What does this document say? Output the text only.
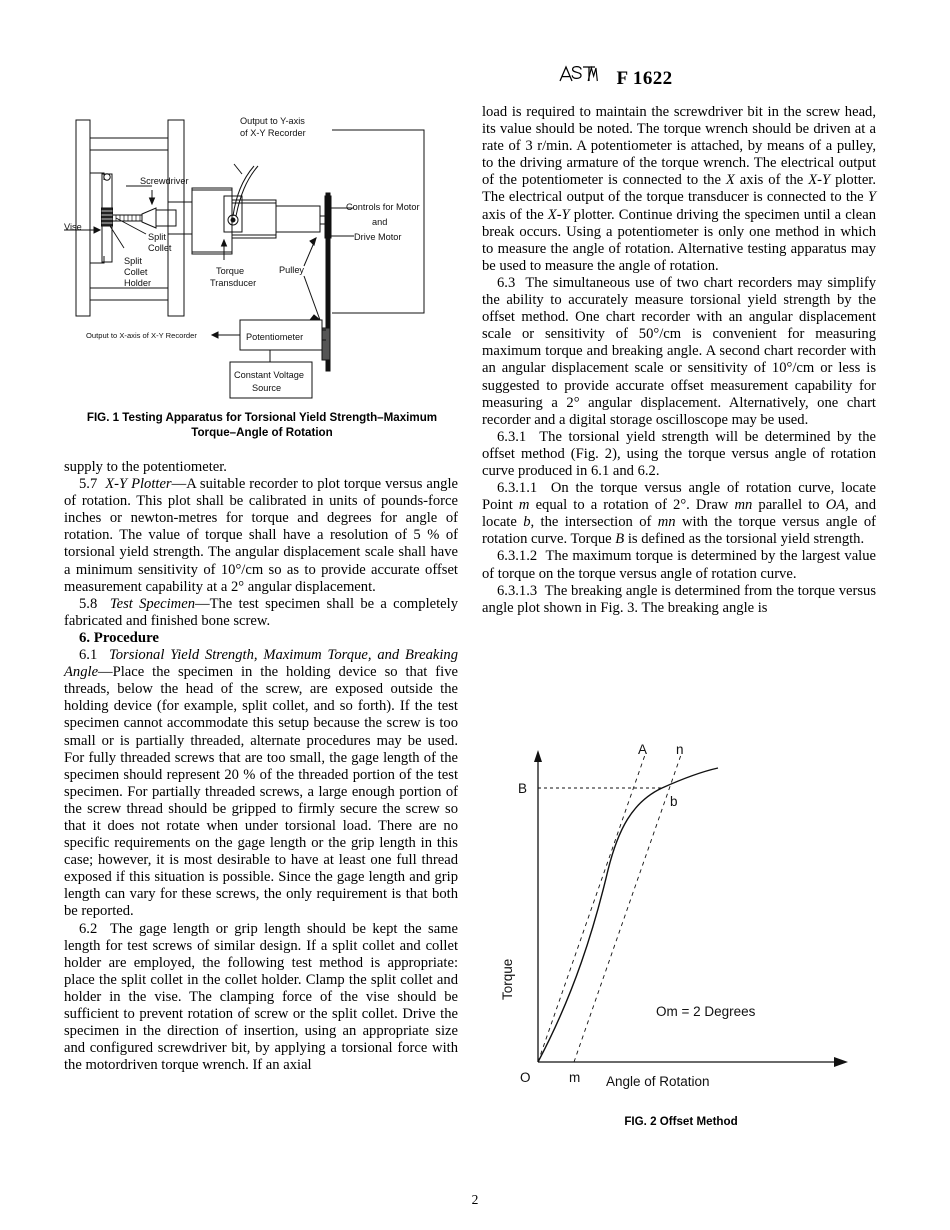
F 1622
Output to Y-axis
of X-Y Recorder
Screwdriver
Vise
Split
Collet
Split
Collet
Holder
Torque
Transducer
Pulley
Controls for Motor
and
Drive Motor
Output to X-axis of X-Y Recorder	Potentiometer
Constant Voltage
Source
FIG. 1 Testing Apparatus for Torsional Yield Strength–Maximum
Torque–Angle of Rotation

supply to the potentiometer.

5.7 X-Y Plotter—A suitable recorder to plot torque versus angle of rotation. This plot shall be calibrated in units of pounds-force inches or newton-metres for torque and degrees for angle of rotation. The value of torque shall have a resolution of 5 % of torsional yield strength. The angular displacement scale shall have a minimum sensitivity of 10°/cm so as to provide accurate offset measurement capability at a 2° angular displacement.

5.8 Test Specimen—The test specimen shall be a completely fabricated and finished bone screw.

6. Procedure

6.1 Torsional Yield Strength, Maximum Torque, and Breaking Angle—Place the specimen in the holding device so that five threads, below the head of the screw, are exposed outside the holding device (for example, split collet, and so forth). If the test specimen cannot accommodate this setup because the screw is too small or is partially threaded, alternate procedures may be used. For fully threaded screws that are too small, the gage length of the specimen should represent 20 % of the threaded portion of the test specimen. For partially threaded screws, a large enough portion of the screw thread should be gripped to firmly secure the screw so that it does not rotate when under torsional load. There are no specific requirements on the gage length or the grip length in this case; however, it is most desirable to have at least one full thread exposed if this situation is possible. Since the gage length and grip length can vary for these screws, the only requirement is that both be reported.

6.2 The gage length or grip length should be kept the same length for test screws of similar design. If a split collet and collet holder are employed, the following test method is appropriate: place the split collet in the collet holder. Clamp the split collet and holder in the vise. The clamping force of the vise should be sufficient to prevent rotation of screw or the split collet. Drive the specimen in the direction of insertion, using an appropriate size and configured screwdriver bit, by applying a torsional force with the motordriven torque wrench. If an axial

load is required to maintain the screwdriver bit in the screw head, its value should be noted. The torque wrench should be driven at a rate of 3 r/min. A potentiometer is attached, by means of a pulley, to the driving armature of the torque wrench. The electrical output of the potentiometer is connected to the X axis of the X-Y plotter. The electrical output of the torque transducer is connected to the Y axis of the X-Y plotter. Continue driving the specimen until a clean break occurs. Using a potentiometer is only one method in which to measure the angle of rotation. Alternative testing apparatus may be used to measure the angle of rotation.

6.3 The simultaneous use of two chart recorders may simplify the ability to accurately measure torsional yield strength by the offset method. One chart recorder with an angular displacement scale or sensitivity of 50°/cm is convenient for measuring maximum torque and breaking angle. A second chart recorder with an angular displacement scale or sensitivity of 10°/cm or less is suggested to provide accurate offset measurement capability for measuring a 2° angular displacement. Alternatively, one chart recorder and a digital storage oscilloscope may be used.

6.3.1 The torsional yield strength will be determined by the offset method (Fig. 2), using the torque versus angle of rotation curve produced in 6.1 and 6.2.

6.3.1.1 On the torque versus angle of rotation curve, locate Point m equal to a rotation of 2°. Draw mn parallel to OA, and locate b, the intersection of mn with the torque versus angle of rotation curve. Torque B is defined as the torsional yield strength.

6.3.1.2 The maximum torque is determined by the largest value of torque on the torque versus angle of rotation curve.

6.3.1.3 The breaking angle is determined from the torque versus angle plot shown in Fig. 3. The breaking angle is

A n
B
b
O	m Angle of Rotation
Torque
Om = 2 Degrees
FIG. 2 Offset Method
2
